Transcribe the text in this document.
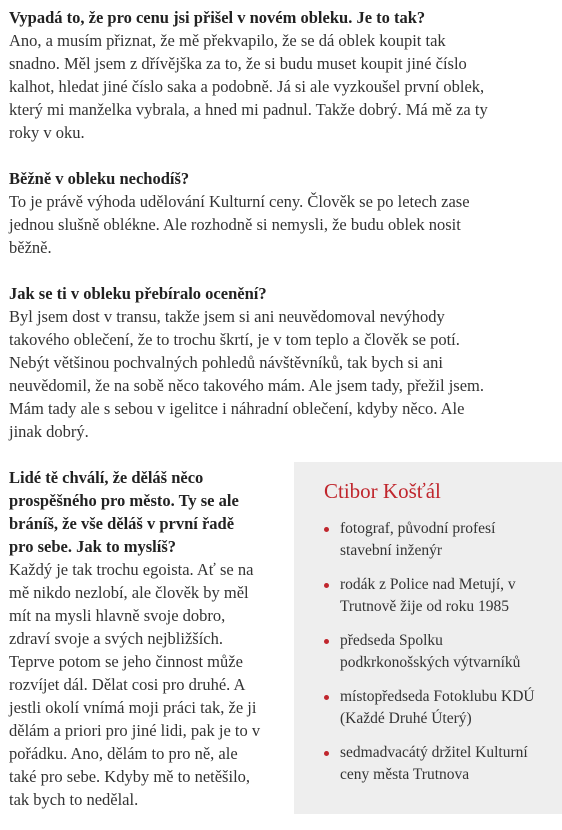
Vypadá to, že pro cenu jsi přišel v novém obleku. Je to tak?

Ano, a musím přiznat, že mě překvapilo, že se dá oblek koupit tak snadno. Měl jsem z dřívějška za to, že si budu muset koupit jiné číslo kalhot, hledat jiné číslo saka a podobně. Já si ale vyzkoušel první oblek, který mi manželka vybrala, a hned mi padnul. Takže dobrý. Má mě za ty roky v oku.

Běžně v obleku nechodíš?

To je právě výhoda udělování Kulturní ceny. Člověk se po letech zase jednou slušně oblékne. Ale rozhodně si nemysli, že budu oblek nosit běžně.

Jak se ti v obleku přebíralo ocenění?

Byl jsem dost v transu, takže jsem si ani neuvědomoval nevýhody takového oblečení, že to trochu škrtí, je v tom teplo a člověk se potí. Nebýt většinou pochvalných pohledů návštěvníků, tak bych si ani neuvědomil, že na sobě něco takového mám. Ale jsem tady, přežil jsem. Mám tady ale s sebou v igelitce i náhradní oblečení, kdyby něco. Ale jinak dobrý.

Lidé tě chválí, že děláš něco prospěšného pro město. Ty se ale bráníš, že vše děláš v první řadě pro sebe. Jak to myslíš?

Každý je tak trochu egoista. Ať se na mě nikdo nezlobí, ale člověk by měl mít na mysli hlavně svoje dobro, zdraví svoje a svých nejbližších. Teprve potom se jeho činnost může rozvíjet dál. Dělat cosi pro druhé. A jestli okolí vnímá moji práci tak, že ji dělám a priori pro jiné lidi, pak je to v pořádku. Ano, dělám to pro ně, ale také pro sebe. Kdyby mě to netěšilo, tak bych to nedělal.

Ctibor Košťál
fotograf, původní profesí stavební inženýr
rodák z Police nad Metují, v Trutnově žije od roku 1985
předseda Spolku podkrkonošských výtvarníků
místopředseda Fotoklubu KDÚ (Každé Druhé Úterý)
sedmadvacátý držitel Kulturní ceny města Trutnova
